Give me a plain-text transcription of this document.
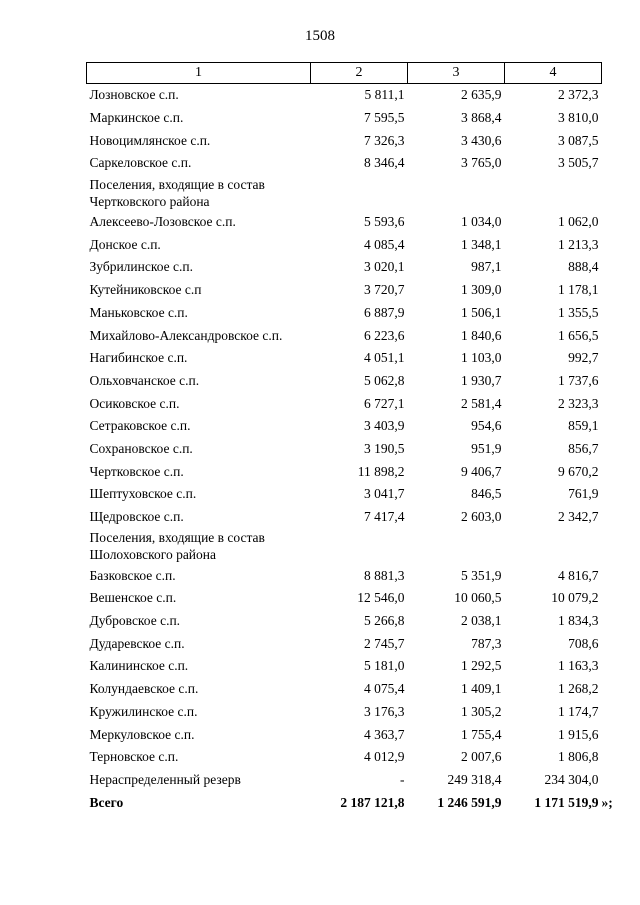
1508
1	2	3	4
Лозновское с.п.	5 811,1	2 635,9	2 372,3
Маркинское с.п.	7 595,5	3 868,4	3 810,0
Новоцимлянское с.п.	7 326,3	3 430,6	3 087,5
Саркеловское с.п.	8 346,4	3 765,0	3 505,7
Поселения, входящие в состав Чертковского района			
Алексеево-Лозовское с.п.	5 593,6	1 034,0	1 062,0
Донское с.п.	4 085,4	1 348,1	1 213,3
Зубрилинское с.п.	3 020,1	987,1	888,4
Кутейниковское с.п	3 720,7	1 309,0	1 178,1
Маньковское с.п.	6 887,9	1 506,1	1 355,5
Михайлово-Александровское с.п.	6 223,6	1 840,6	1 656,5
Нагибинское с.п.	4 051,1	1 103,0	992,7
Ольховчанское с.п.	5 062,8	1 930,7	1 737,6
Осиковское с.п.	6 727,1	2 581,4	2 323,3
Сетраковское с.п.	3 403,9	954,6	859,1
Сохрановское с.п.	3 190,5	951,9	856,7
Чертковское с.п.	11 898,2	9 406,7	9 670,2
Шептуховское с.п.	3 041,7	846,5	761,9
Щедровское с.п.	7 417,4	2 603,0	2 342,7
Поселения, входящие в состав Шолоховского района			
Базковское с.п.	8 881,3	5 351,9	4 816,7
Вешенское с.п.	12 546,0	10 060,5	10 079,2
Дубровское с.п.	5 266,8	2 038,1	1 834,3
Дударевское с.п.	2 745,7	787,3	708,6
Калининское с.п.	5 181,0	1 292,5	1 163,3
Колундаевское с.п.	4 075,4	1 409,1	1 268,2
Кружилинское с.п.	3 176,3	1 305,2	1 174,7
Меркуловское с.п.	4 363,7	1 755,4	1 915,6
Терновское с.п.	4 012,9	2 007,6	1 806,8
Нераспределенный резерв	-	249 318,4	234 304,0
Всего	2 187 121,8	1 246 591,9	1 171 519,9 »;
